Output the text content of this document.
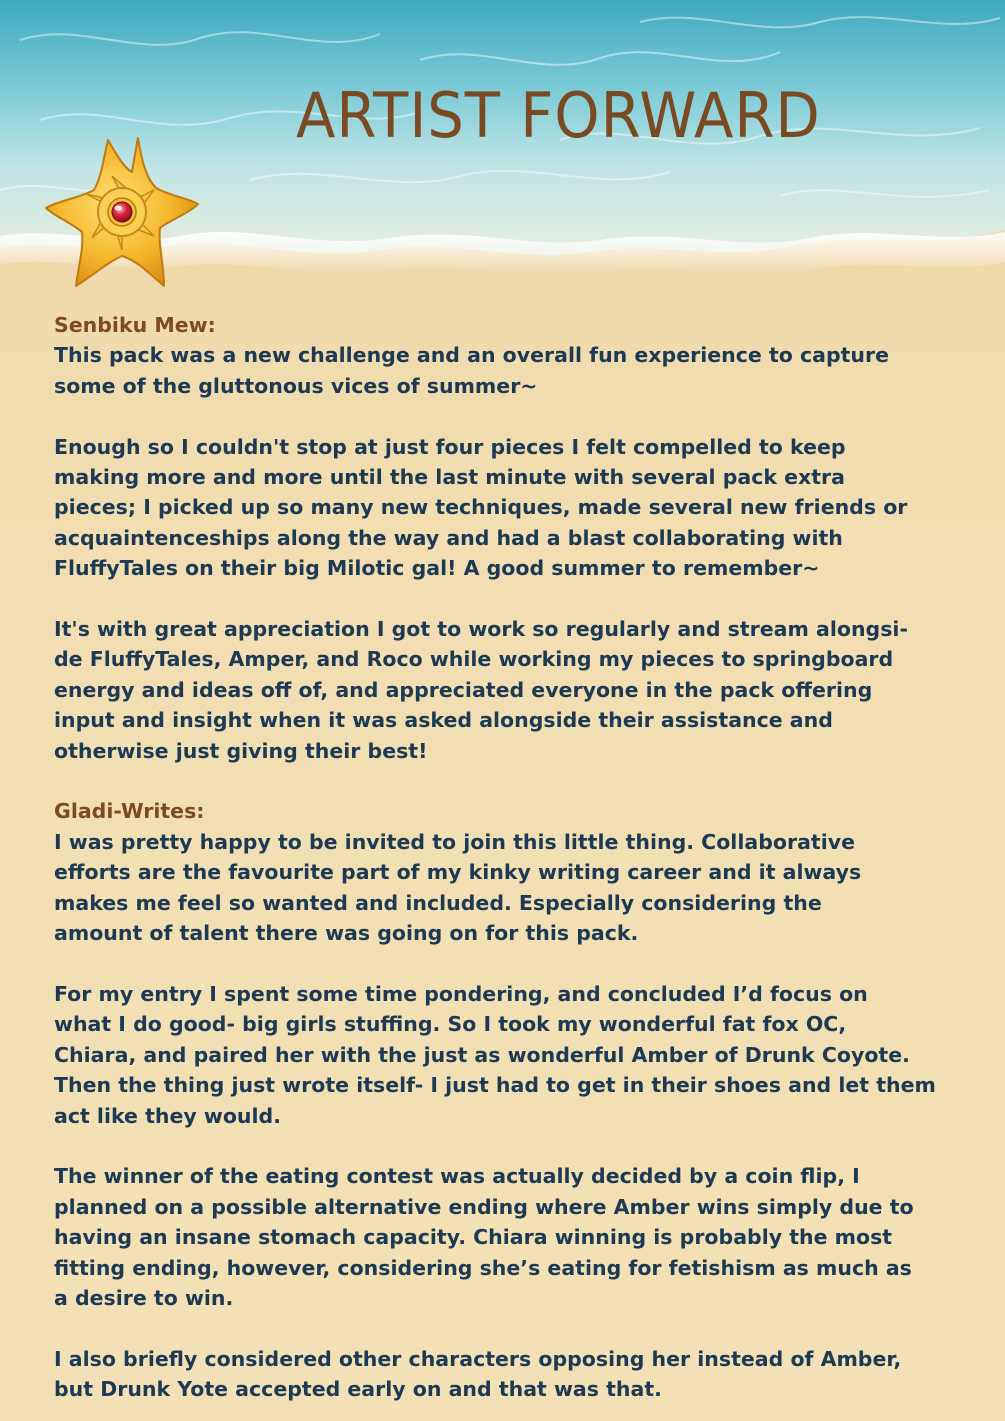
ARTIST FORWARD

Senbiku Mew:

This pack was a new challenge and an overall fun experience to capture
some of the gluttonous vices of summer~

Enough so I couldn't stop at just four pieces I felt compelled to keep
making more and more until the last minute with several pack extra
pieces; I picked up so many new techniques, made several new friends or
acquaintenceships along the way and had a blast collaborating with
FluffyTales on their big Milotic gal! A good summer to remember~

It's with great appreciation I got to work so regularly and stream alongsi-
de FluffyTales, Amper, and Roco while working my pieces to springboard
energy and ideas off of, and appreciated everyone in the pack offering
input and insight when it was asked alongside their assistance and
otherwise just giving their best!

Gladi-Writes:

I was pretty happy to be invited to join this little thing. Collaborative
efforts are the favourite part of my kinky writing career and it always
makes me feel so wanted and included. Especially considering the
amount of talent there was going on for this pack.

For my entry I spent some time pondering, and concluded I’d focus on
what I do good- big girls stuffing. So I took my wonderful fat fox OC,
Chiara, and paired her with the just as wonderful Amber of Drunk Coyote.
Then the thing just wrote itself- I just had to get in their shoes and let them
act like they would.

The winner of the eating contest was actually decided by a coin flip, I
planned on a possible alternative ending where Amber wins simply due to
having an insane stomach capacity. Chiara winning is probably the most
fitting ending, however, considering she’s eating for fetishism as much as
a desire to win.

I also briefly considered other characters opposing her instead of Amber,
but Drunk Yote accepted early on and that was that.
